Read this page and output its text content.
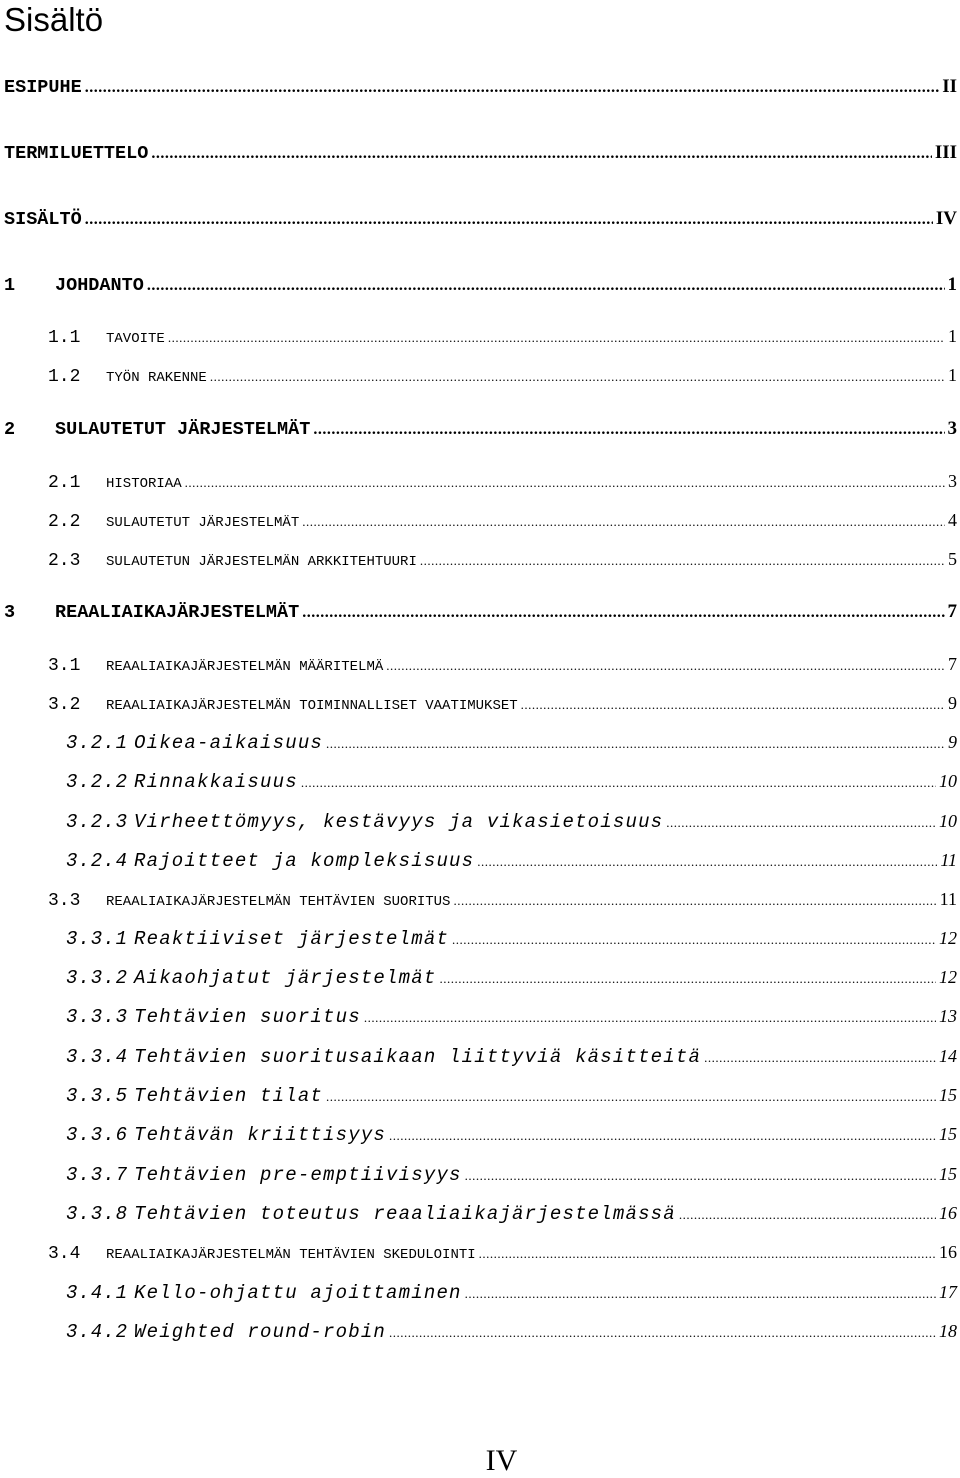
Sisältö
ESIPUHE .....	II
TERMILUETTELO .....	III
SISÄLTÖ .....	IV
1	JOHDANTO .....	1
1.1	TAVOITE .....	1
1.2	TYÖN RAKENNE .....	1
2	SULAUTETUT JÄRJESTELMÄT .....	3
2.1	HISTORIAA .....	3
2.2	SULAUTETUT JÄRJESTELMÄT .....	4
2.3	SULAUTETUN JÄRJESTELMÄN ARKKITEHTUURI .....	5
3	REAALIAIKAJÄRJESTELMÄT .....	7
3.1	REAALIAIKAJÄRJESTELMÄN MÄÄRITELMÄ .....	7
3.2	REAALIAIKAJÄRJESTELMÄN TOIMINNALLISET VAATIMUKSET .....	9
3.2.1 Oikea-aikaisuus .....	9
3.2.2 Rinnakkaisuus .....	10
3.2.3 Virheettömyys, kestävyys ja vikasietoisuus .....	10
3.2.4 Rajoitteet ja kompleksisuus .....	11
3.3	REAALIAIKAJÄRJESTELMÄN TEHTÄVIEN SUORITUS .....	11
3.3.1 Reaktiiviset järjestelmät .....	12
3.3.2 Aikaohjatut järjestelmät .....	12
3.3.3 Tehtävien suoritus .....	13
3.3.4 Tehtävien suoritusaikaan liittyviä käsitteitä .....	14
3.3.5 Tehtävien tilat .....	15
3.3.6 Tehtävän kriittisyys .....	15
3.3.7 Tehtävien pre-emptiivisyys .....	15
3.3.8 Tehtävien toteutus reaaliaikajärjestelmässä .....	16
3.4	REAALIAIKAJÄRJESTELMÄN TEHTÄVIEN SKEDULOINTI .....	16
3.4.1 Kello-ohjattu ajoittaminen .....	17
3.4.2 Weighted round-robin .....	18
IV
